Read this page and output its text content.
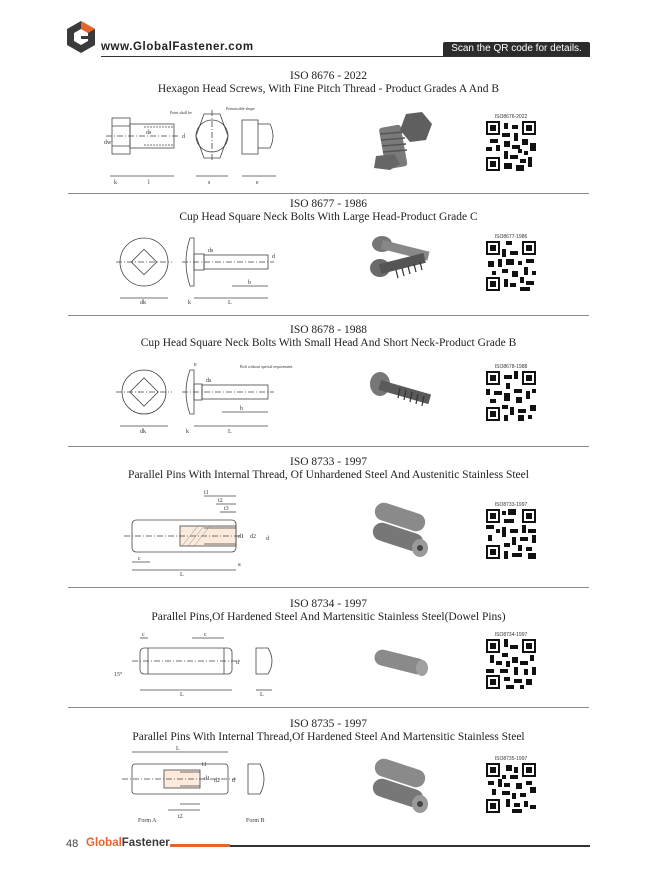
www.GlobalFastener.com	Scan the QR code for details.
ISO 8676 - 2022
Hexagon Head Screws, With Fine Pitch Thread - Product Grades A And B
k	l	s	e
d
ds
dw
Point shall be
Permissible shape
ISO8676-2022
ISO 8677 - 1986
Cup Head Square Neck Bolts With Large Head-Product Grade C
dk	k	L
b
d
ds
ISO8677-1986
ISO 8678 - 1988
Cup Head Square Neck Bolts With Small Head And Short Neck-Product Grade B
dk	k	L
b
e
ds
Bolt without special requirement	ISO8678-1988
ISO 8733 - 1997
Parallel Pins With Internal Thread, Of Unhardened Steel And Austenitic Stainless Steel
c
L
a
t1
t2
t3
d
d1 d2
ISO8733-1997
ISO 8734 - 1997
Parallel Pins,Of Hardened Steel And Martensitic Stainless Steel(Dowel Pins)
c	c
L	L
d
15°
ISO8734-1997
ISO 8735 - 1997
Parallel Pins With Internal Thread,Of Hardened Steel And Martensitic Stainless Steel
L
t1
t2
d
d1 d2
Form A	Form B
ISO8735-1997
48 GlobalFastener
